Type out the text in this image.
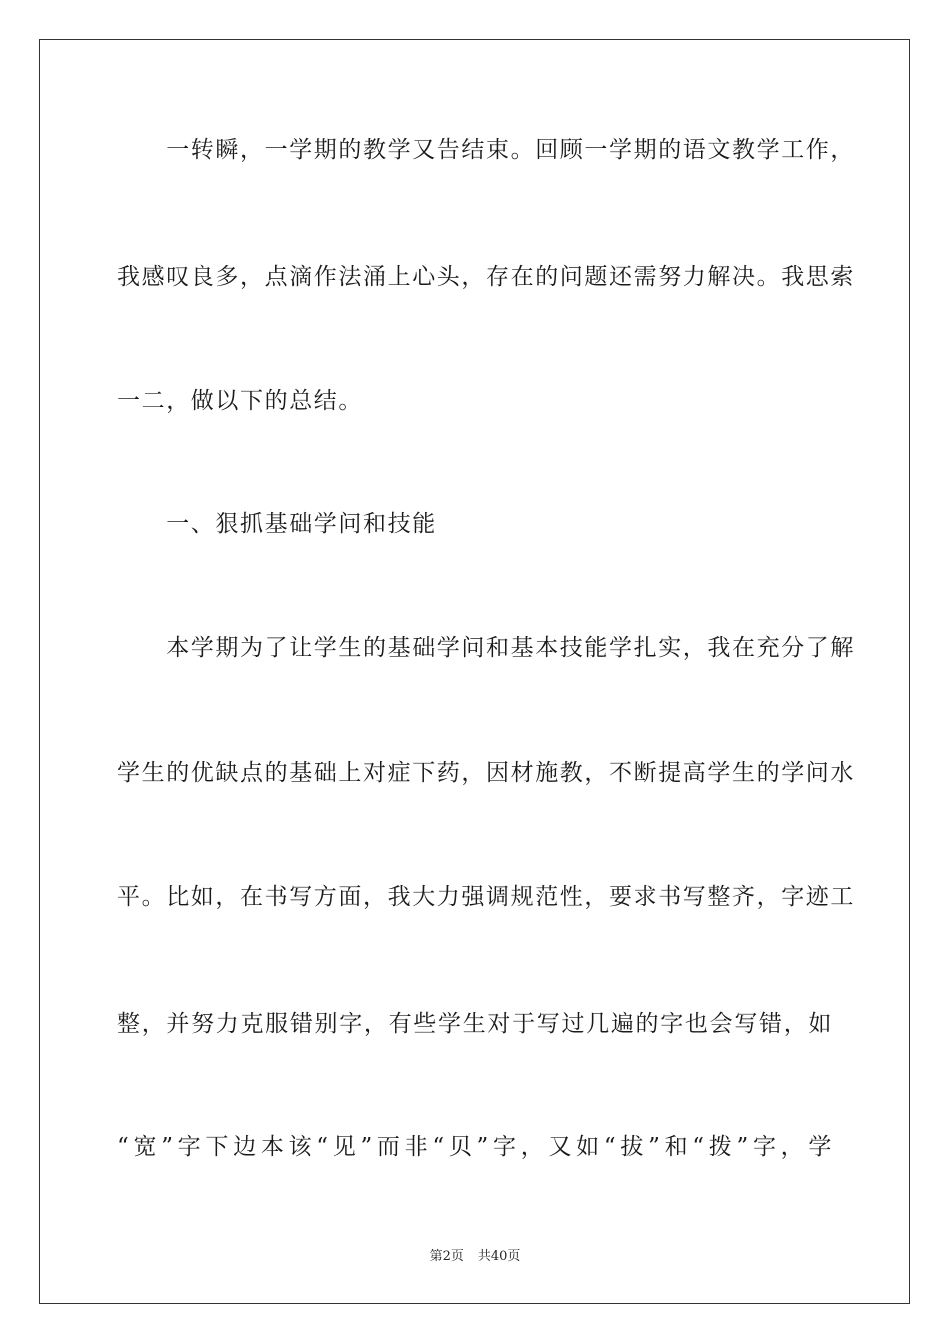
　　一转瞬，一学期的教学又告结束。回顾一学期的语文教学工作，
我感叹良多，点滴作法涌上心头，存在的问题还需努力解决。我思索
一二，做以下的总结。
　　一、狠抓基础学问和技能
　　本学期为了让学生的基础学问和基本技能学扎实，我在充分了解
学生的优缺点的基础上对症下药，因材施教，不断提高学生的学问水
平。比如，在书写方面，我大力强调规范性，要求书写整齐，字迹工
整，并努力克服错别字，有些学生对于写过几遍的字也会写错，如
“宽”字下边本该“见”而非“贝”字，又如“拔”和“拨”字，学
第2页 共40页
